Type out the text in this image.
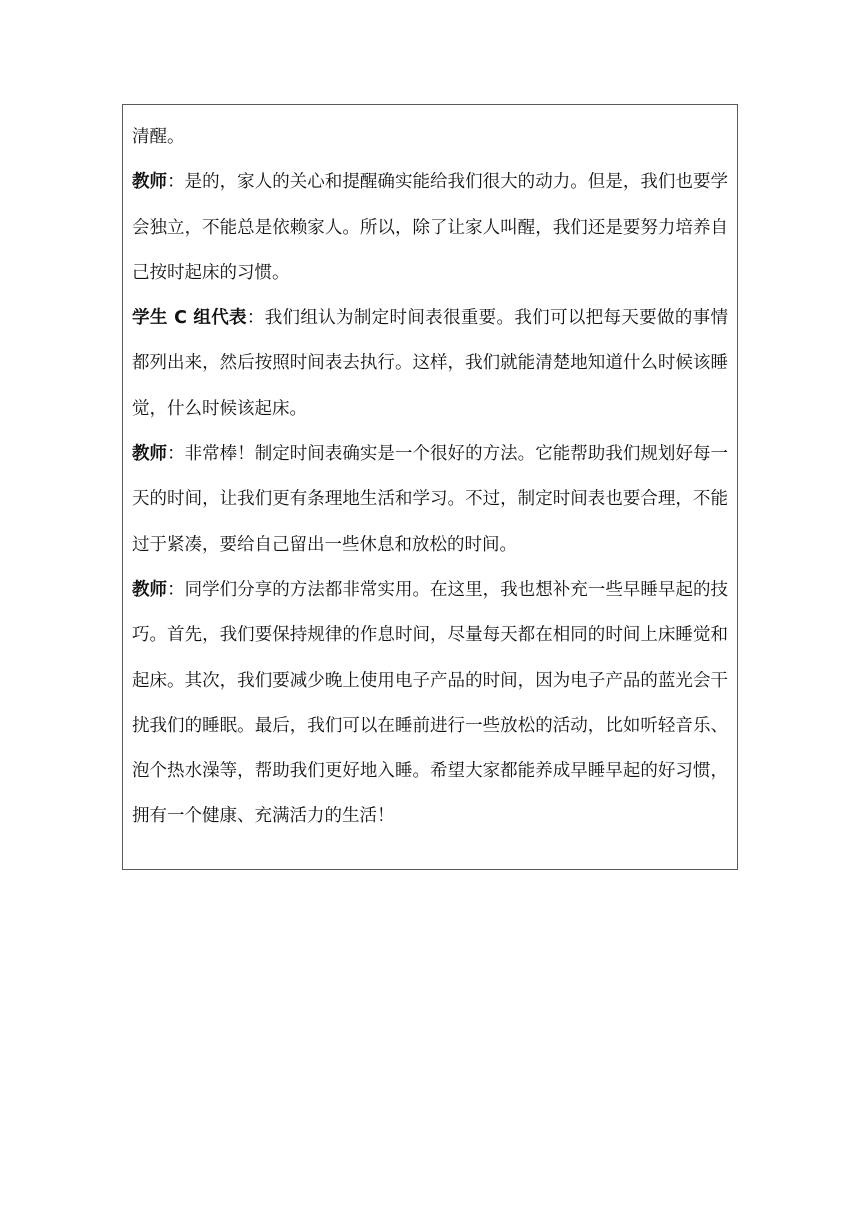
清醒。

教师：是的，家人的关心和提醒确实能给我们很大的动力。但是，我们也要学会独立，不能总是依赖家人。所以，除了让家人叫醒，我们还是要努力培养自己按时起床的习惯。

学生 C 组代表：我们组认为制定时间表很重要。我们可以把每天要做的事情都列出来，然后按照时间表去执行。这样，我们就能清楚地知道什么时候该睡觉，什么时候该起床。

教师：非常棒！制定时间表确实是一个很好的方法。它能帮助我们规划好每一天的时间，让我们更有条理地生活和学习。不过，制定时间表也要合理，不能过于紧凑，要给自己留出一些休息和放松的时间。

教师：同学们分享的方法都非常实用。在这里，我也想补充一些早睡早起的技巧。首先，我们要保持规律的作息时间，尽量每天都在相同的时间上床睡觉和起床。其次，我们要减少晚上使用电子产品的时间，因为电子产品的蓝光会干扰我们的睡眠。最后，我们可以在睡前进行一些放松的活动，比如听轻音乐、泡个热水澡等，帮助我们更好地入睡。希望大家都能养成早睡早起的好习惯，拥有一个健康、充满活力的生活！
